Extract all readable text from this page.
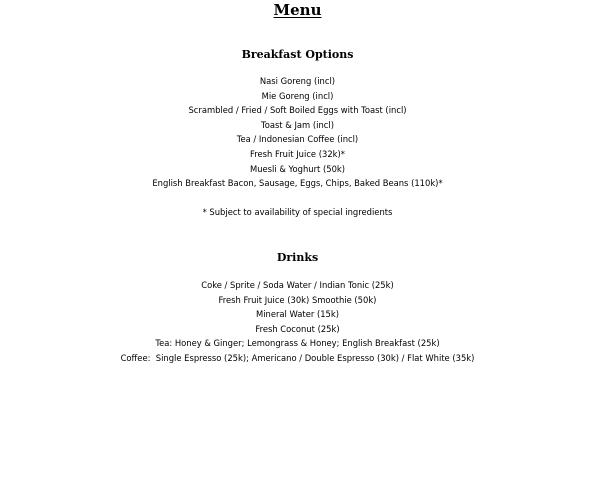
Menu
Breakfast Options
Nasi Goreng (incl)
Mie Goreng (incl)
Scrambled / Fried / Soft Boiled Eggs with Toast (incl)
Toast & Jam (incl)
Tea / Indonesian Coffee (incl)
Fresh Fruit Juice (32k)*
Muesli & Yoghurt (50k)
English Breakfast Bacon, Sausage, Eggs, Chips, Baked Beans (110k)*
* Subject to availability of special ingredients
Drinks
Coke / Sprite / Soda Water / Indian Tonic (25k)
Fresh Fruit Juice (30k) Smoothie (50k)
Mineral Water (15k)
Fresh Coconut (25k)
Tea: Honey & Ginger; Lemongrass & Honey; English Breakfast (25k)
Coffee:  Single Espresso (25k); Americano / Double Espresso (30k) / Flat White (35k)
